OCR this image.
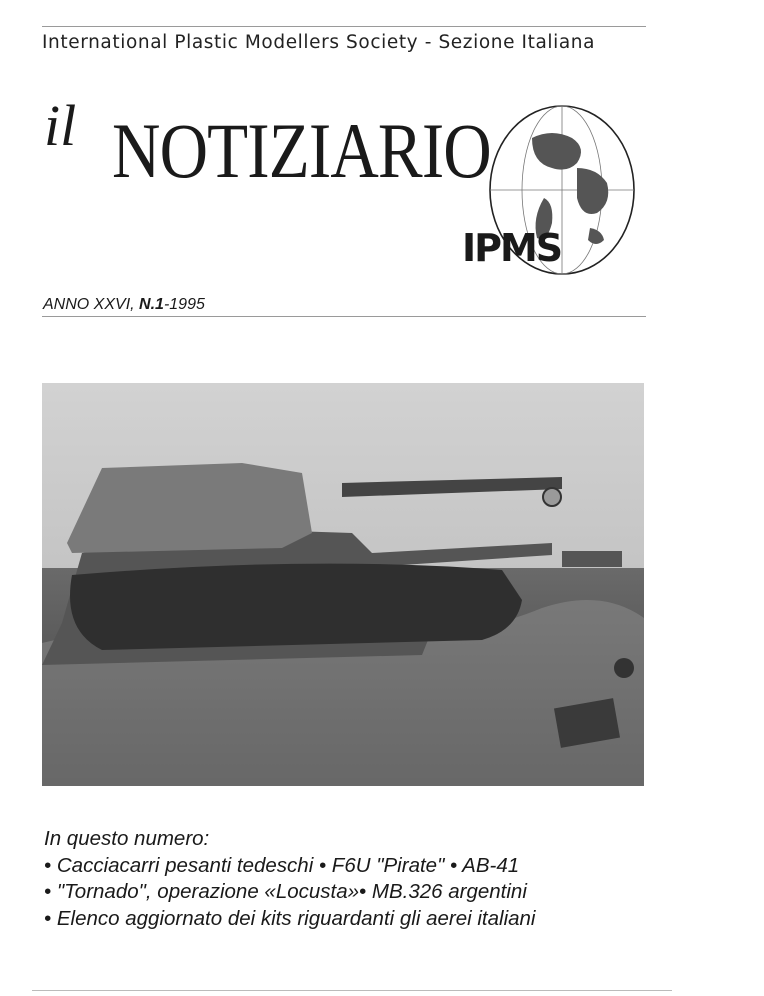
International Plastic Modellers Society - Sezione Italiana
il NOTIZIARIO
IPMS
ANNO XXVI, N.1-1995
In questo numero:
• Cacciacarri pesanti tedeschi • F6U "Pirate" • AB-41
• "Tornado", operazione «Locusta»• MB.326 argentini
• Elenco aggiornato dei kits riguardanti gli aerei italiani
